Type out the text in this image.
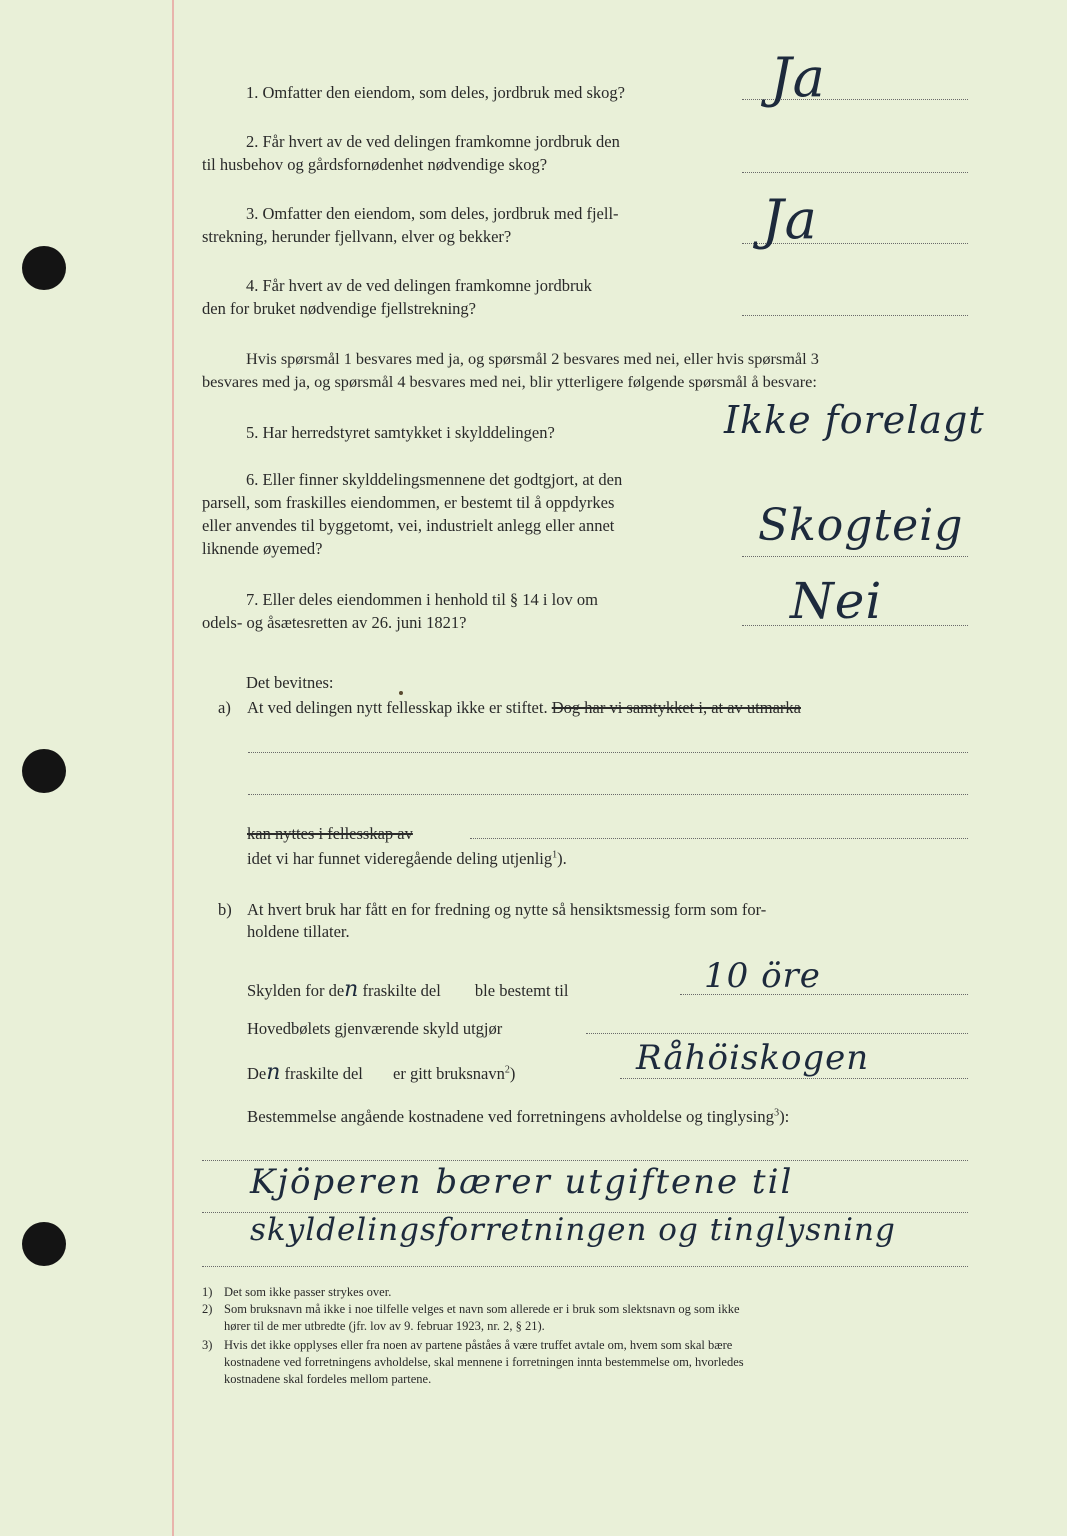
1. Omfatter den eiendom, som deles, jordbruk med skog?	Ja
2. Får hvert av de ved delingen framkomne jordbruk den
til husbehov og gårdsfornødenhet nødvendige skog?
3. Omfatter den eiendom, som deles, jordbruk med fjell-
strekning, herunder fjellvann, elver og bekker?	Ja
4. Får hvert av de ved delingen framkomne jordbruk
den for bruket nødvendige fjellstrekning?
Hvis spørsmål 1 besvares med ja, og spørsmål 2 besvares med nei, eller hvis spørsmål 3
besvares med ja, og spørsmål 4 besvares med nei, blir ytterligere følgende spørsmål å besvare:
5. Har herredstyret samtykket i skylddelingen?	Ikke forelagt
6. Eller finner skylddelingsmennene det godtgjort, at den
parsell, som fraskilles eiendommen, er bestemt til å oppdyrkes
eller anvendes til byggetomt, vei, industrielt anlegg eller annet
liknende øyemed?	Skogteig
7. Eller deles eiendommen i henhold til § 14 i lov om
odels- og åsætesretten av 26. juni 1821?	Nei
Det bevitnes:
a) At ved delingen nytt fellesskap ikke er stiftet. Dog har vi samtykket i, at av utmarka
kan nyttes i fellesskap av
idet vi har funnet videregående deling utjenlig$^1$).
b) At hvert bruk har fått en for fredning og nytte så hensiktsmessig form som for-
holdene tillater.
Skylden for den fraskilte del ble bestemt til	10 öre
Hovedbølets gjenværende skyld utgjør
Den fraskilte del er gitt bruksnavn$^2$)	Råhöiskogen
Bestemmelse angående kostnadene ved forretningens avholdelse og tinglysing$^3$):
Kjöperen bærer utgiftene til
skyldelingsforretningen og tinglysning
1) Det som ikke passer strykes over.
2) Som bruksnavn må ikke i noe tilfelle velges et navn som allerede er i bruk som slektsnavn og som ikke
hører til de mer utbredte (jfr. lov av 9. februar 1923, nr. 2, § 21).
3) Hvis det ikke opplyses eller fra noen av partene påståes å være truffet avtale om, hvem som skal bære
kostnadene ved forretningens avholdelse, skal mennene i forretningen innta bestemmelse om, hvorledes
kostnadene skal fordeles mellom partene.
